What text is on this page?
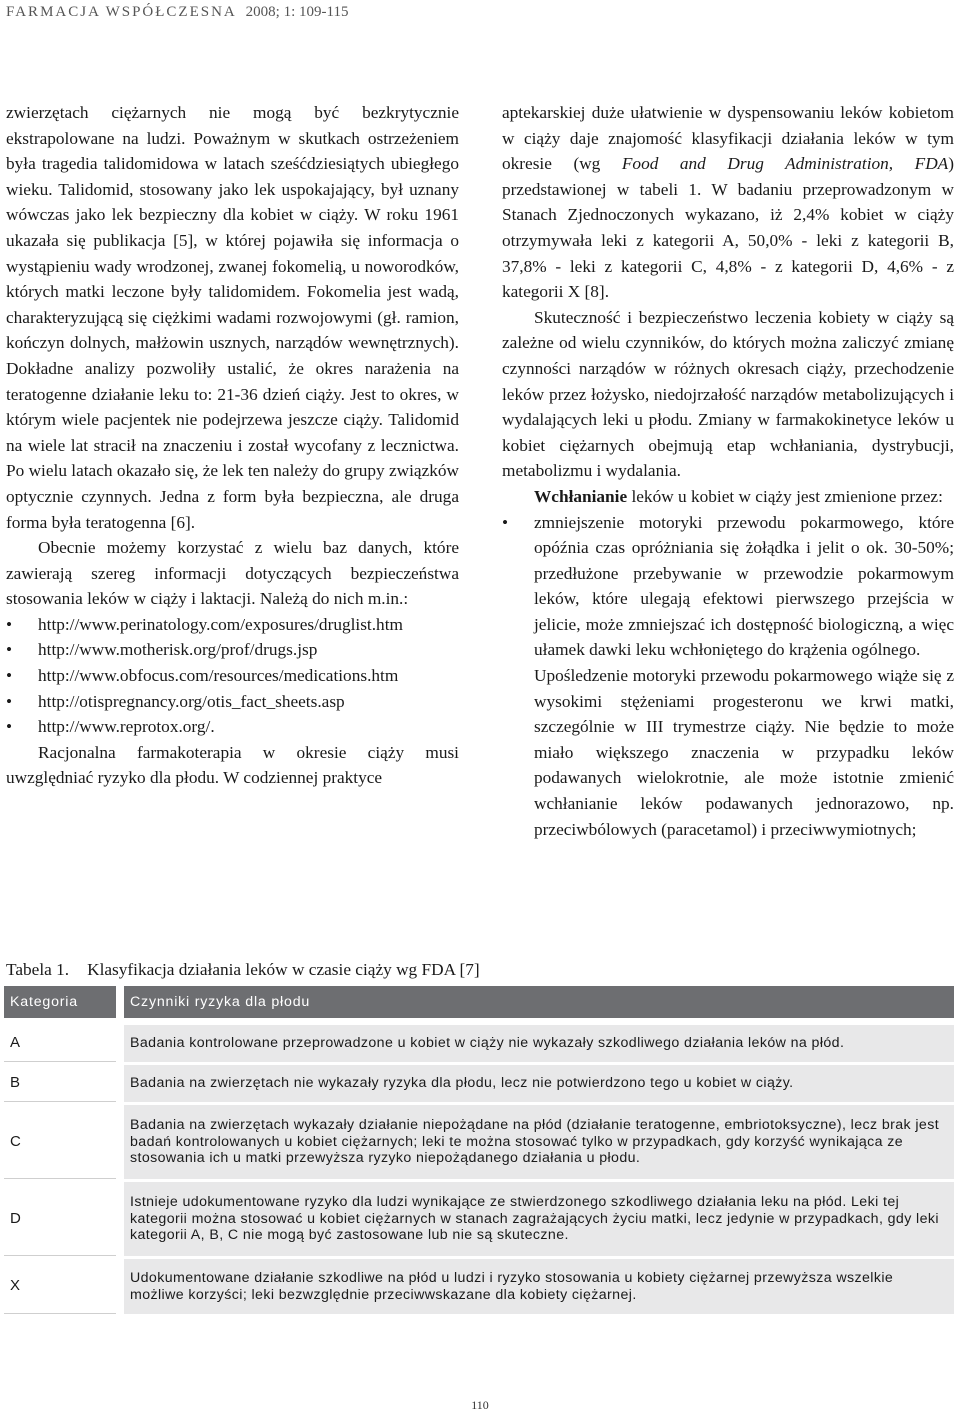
FARMACJA WSPÓŁCZESNA 2008; 1: 109-115

zwierzętach ciężarnych nie mogą być bezkrytycznie ekstrapolowane na ludzi. Poważnym w skutkach ostrzeżeniem była tragedia talidomidowa w latach sześćdziesiątych ubiegłego wieku. Talidomid, stosowany jako lek uspokajający, był uznany wówczas jako lek bezpieczny dla kobiet w ciąży. W roku 1961 ukazała się publikacja [5], w której pojawiła się informacja o wystąpieniu wady wrodzonej, zwanej fokomelią, u noworodków, których matki leczone były talidomidem. Fokomelia jest wadą, charakteryzującą się ciężkimi wadami rozwojowymi (gł. ramion, kończyn dolnych, małżowin usznych, narządów wewnętrznych). Dokładne analizy pozwoliły ustalić, że okres narażenia na teratogenne działanie leku to: 21-36 dzień ciąży. Jest to okres, w którym wiele pacjentek nie podejrzewa jeszcze ciąży. Talidomid na wiele lat stracił na znaczeniu i został wycofany z lecznictwa. Po wielu latach okazało się, że lek ten należy do grupy związków optycznie czynnych. Jedna z form była bezpieczna, ale druga forma była teratogenna [6].

Obecnie możemy korzystać z wielu baz danych, które zawierają szereg informacji dotyczących bezpieczeństwa stosowania leków w ciąży i laktacji. Należą do nich m.in.:

•	http://www.perinatology.com/exposures/druglist.htm
•	http://www.motherisk.org/prof/drugs.jsp
•	http://www.obfocus.com/resources/medications.htm
•	http://otispregnancy.org/otis_fact_sheets.asp
•	http://www.reprotox.org/.

Racjonalna farmakoterapia w okresie ciąży musi uwzględniać ryzyko dla płodu. W codziennej praktyce

aptekarskiej duże ułatwienie w dyspensowaniu leków kobietom w ciąży daje znajomość klasyfikacji działania leków w tym okresie (wg Food and Drug Administration, FDA) przedstawionej w tabeli 1. W badaniu przeprowadzonym w Stanach Zjednoczonych wykazano, iż 2,4% kobiet w ciąży otrzymywała leki z kategorii A, 50,0% - leki z kategorii B, 37,8% - leki z kategorii C, 4,8% - z kategorii D, 4,6% - z kategorii X [8].

Skuteczność i bezpieczeństwo leczenia kobiety w ciąży są zależne od wielu czynników, do których można zaliczyć zmianę czynności narządów w różnych okresach ciąży, przechodzenie leków przez łożysko, niedojrzałość narządów metabolizujących i wydalających leki u płodu. Zmiany w farmakokinetyce leków u kobiet ciężarnych obejmują etap wchłaniania, dystrybucji, metabolizmu i wydalania.

Wchłanianie leków u kobiet w ciąży jest zmienione przez:

•	zmniejszenie motoryki przewodu pokarmowego, które opóźnia czas opróżniania się żołądka i jelit o ok. 30-50%; przedłużone przebywanie w przewodzie pokarmowym leków, które ulegają efektowi pierwszego przejścia w jelicie, może zmniejszać ich dostępność biologiczną, a więc ułamek dawki leku wchłoniętego do krążenia ogólnego.
Upośledzenie motoryki przewodu pokarmowego wiąże się z wysokimi stężeniami progesteronu we krwi matki, szczególnie w III trymestrze ciąży. Nie będzie to może miało większego znaczenia w przypadku leków podawanych wielokrotnie, ale może istotnie zmienić wchłanianie leków podawanych jednorazowo, np. przeciwbólowych (paracetamol) i przeciwwymiotnych;
Tabela 1. Klasyfikacja działania leków w czasie ciąży wg FDA [7]
Kategoria	Czynniki ryzyka dla płodu

A	Badania kontrolowane przeprowadzone u kobiet w ciąży nie wykazały szkodliwego działania leków na płód.
B	Badania na zwierzętach nie wykazały ryzyka dla płodu, lecz nie potwierdzono tego u kobiet w ciąży.
C	Badania na zwierzętach wykazały działanie niepożądane na płód (działanie teratogenne, embriotoksyczne), lecz brak jest badań kontrolowanych u kobiet ciężarnych; leki te można stosować tylko w przypadkach, gdy korzyść wynikająca ze stosowania ich u matki przewyższa ryzyko niepożądanego działania u płodu.
D	Istnieje udokumentowane ryzyko dla ludzi wynikające ze stwierdzonego szkodliwego działania leku na płód. Leki tej kategorii można stosować u kobiet ciężarnych w stanach zagrażających życiu matki, lecz jedynie w przypadkach, gdy leki kategorii A, B, C nie mogą być zastosowane lub nie są skuteczne.
X	Udokumentowane działanie szkodliwe na płód u ludzi i ryzyko stosowania u kobiety ciężarnej przewyższa wszelkie możliwe korzyści; leki bezwzględnie przeciwwskazane dla kobiety ciężarnej.
110
